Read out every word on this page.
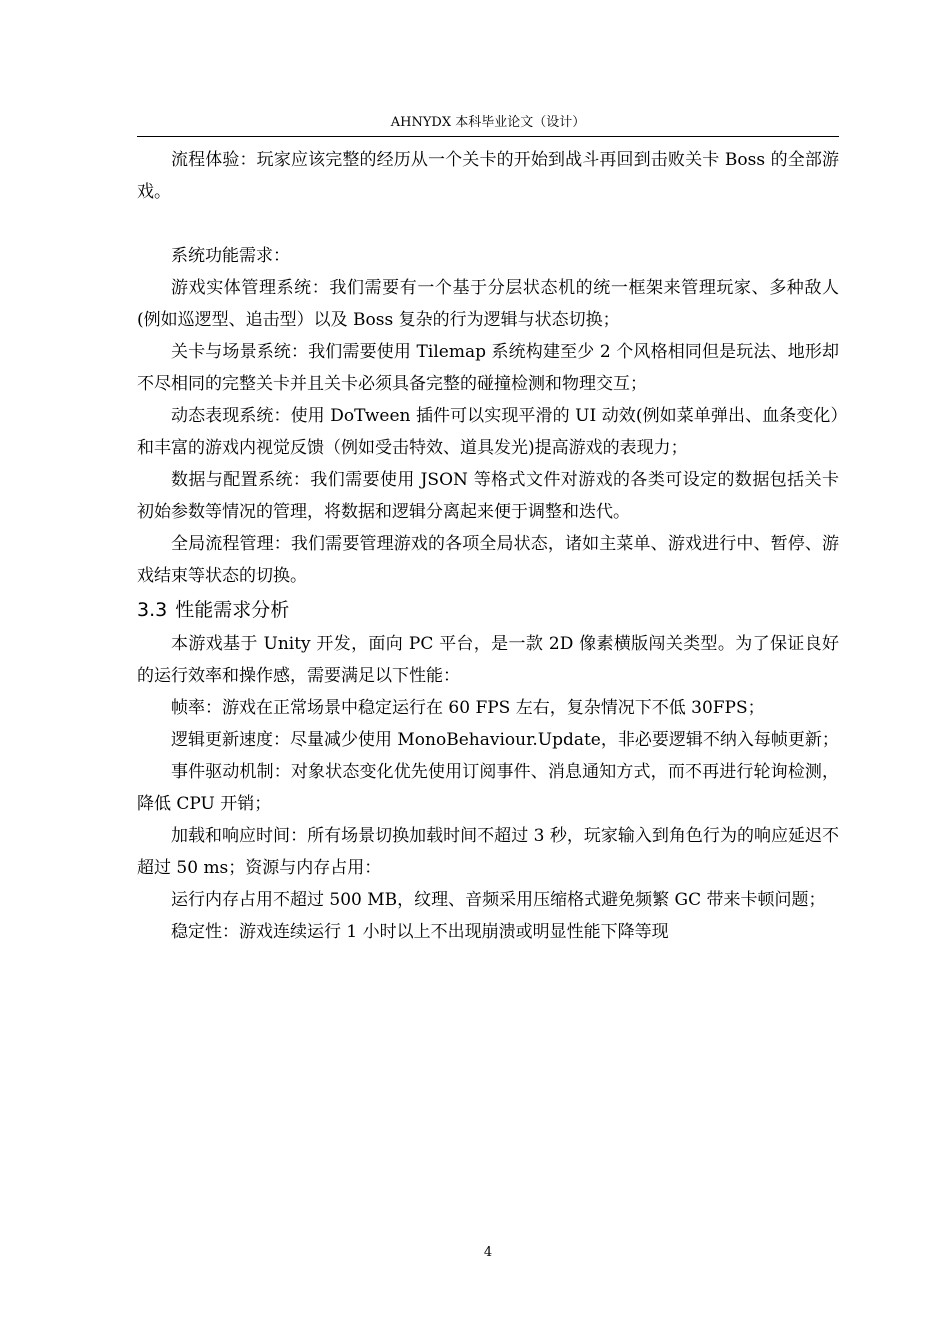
AHNYDX 本科毕业论文（设计）

流程体验：玩家应该完整的经历从一个关卡的开始到战斗再回到击败关卡 Boss 的全部游戏。

系统功能需求：

游戏实体管理系统：我们需要有一个基于分层状态机的统一框架来管理玩家、多种敌人(例如巡逻型、追击型）以及 Boss 复杂的行为逻辑与状态切换；

关卡与场景系统：我们需要使用 Tilemap 系统构建至少 2 个风格相同但是玩法、地形却不尽相同的完整关卡并且关卡必须具备完整的碰撞检测和物理交互；

动态表现系统：使用 DoTween 插件可以实现平滑的 UI 动效(例如菜单弹出、血条变化）和丰富的游戏内视觉反馈（例如受击特效、道具发光)提高游戏的表现力；

数据与配置系统：我们需要使用 JSON 等格式文件对游戏的各类可设定的数据包括关卡初始参数等情况的管理，将数据和逻辑分离起来便于调整和迭代。

全局流程管理：我们需要管理游戏的各项全局状态，诸如主菜单、游戏进行中、暂停、游戏结束等状态的切换。

3.3 性能需求分析

本游戏基于 Unity 开发，面向 PC 平台，是一款 2D 像素横版闯关类型。为了保证良好的运行效率和操作感，需要满足以下性能：

帧率：游戏在正常场景中稳定运行在 60 FPS 左右，复杂情况下不低 30FPS；

逻辑更新速度：尽量减少使用 MonoBehaviour.Update，非必要逻辑不纳入每帧更新；

事件驱动机制：对象状态变化优先使用订阅事件、消息通知方式，而不再进行轮询检测，降低 CPU 开销；

加载和响应时间：所有场景切换加载时间不超过 3 秒，玩家输入到角色行为的响应延迟不超过 50 ms；资源与内存占用：

运行内存占用不超过 500 MB，纹理、音频采用压缩格式避免频繁 GC 带来卡顿问题；

稳定性：游戏连续运行 1 小时以上不出现崩溃或明显性能下降等现

4
